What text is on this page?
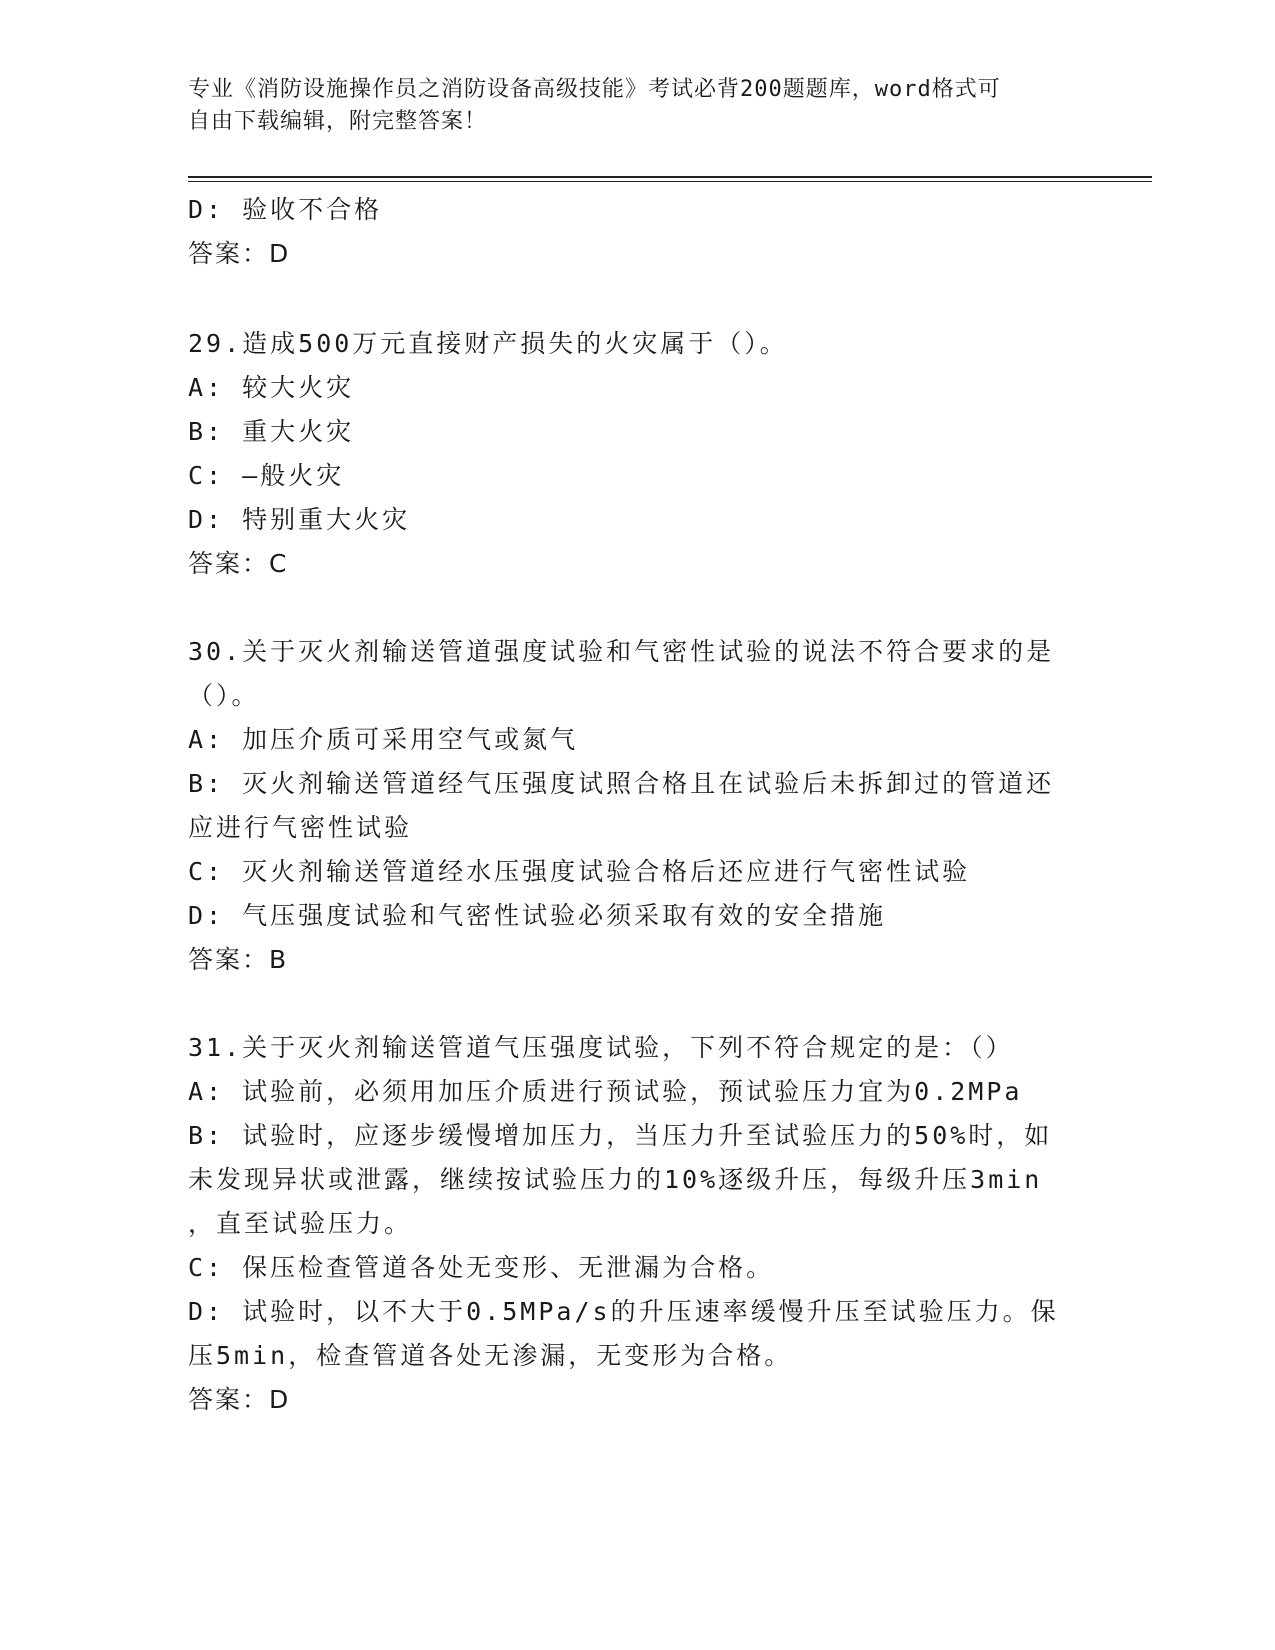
专业《消防设施操作员之消防设备高级技能》考试必背200题题库，word格式可
自由下载编辑，附完整答案！
D: 验收不合格
答案：D
29.造成500万元直接财产损失的火灾属于（）。
A: 较大火灾
B: 重大火灾
C: —般火灾
D: 特别重大火灾
答案：C
30.关于灭火剂输送管道强度试验和气密性试验的说法不符合要求的是
（）。
A: 加压介质可采用空气或氮气
B: 灭火剂输送管道经气压强度试照合格且在试验后未拆卸过的管道还
应进行气密性试验
C: 灭火剂输送管道经水压强度试验合格后还应进行气密性试验
D: 气压强度试验和气密性试验必须采取有效的安全措施
答案：B
31.关于灭火剂输送管道气压强度试验，下列不符合规定的是：（）
A: 试验前，必须用加压介质进行预试验，预试验压力宜为0.2MPa
B: 试验时，应逐步缓慢增加压力，当压力升至试验压力的50%时，如
未发现异状或泄露，继续按试验压力的10%逐级升压，每级升压3min
，直至试验压力。
C: 保压检查管道各处无变形、无泄漏为合格。
D: 试验时，以不大于0.5MPa/s的升压速率缓慢升压至试验压力。保
压5min，检查管道各处无渗漏，无变形为合格。
答案：D
